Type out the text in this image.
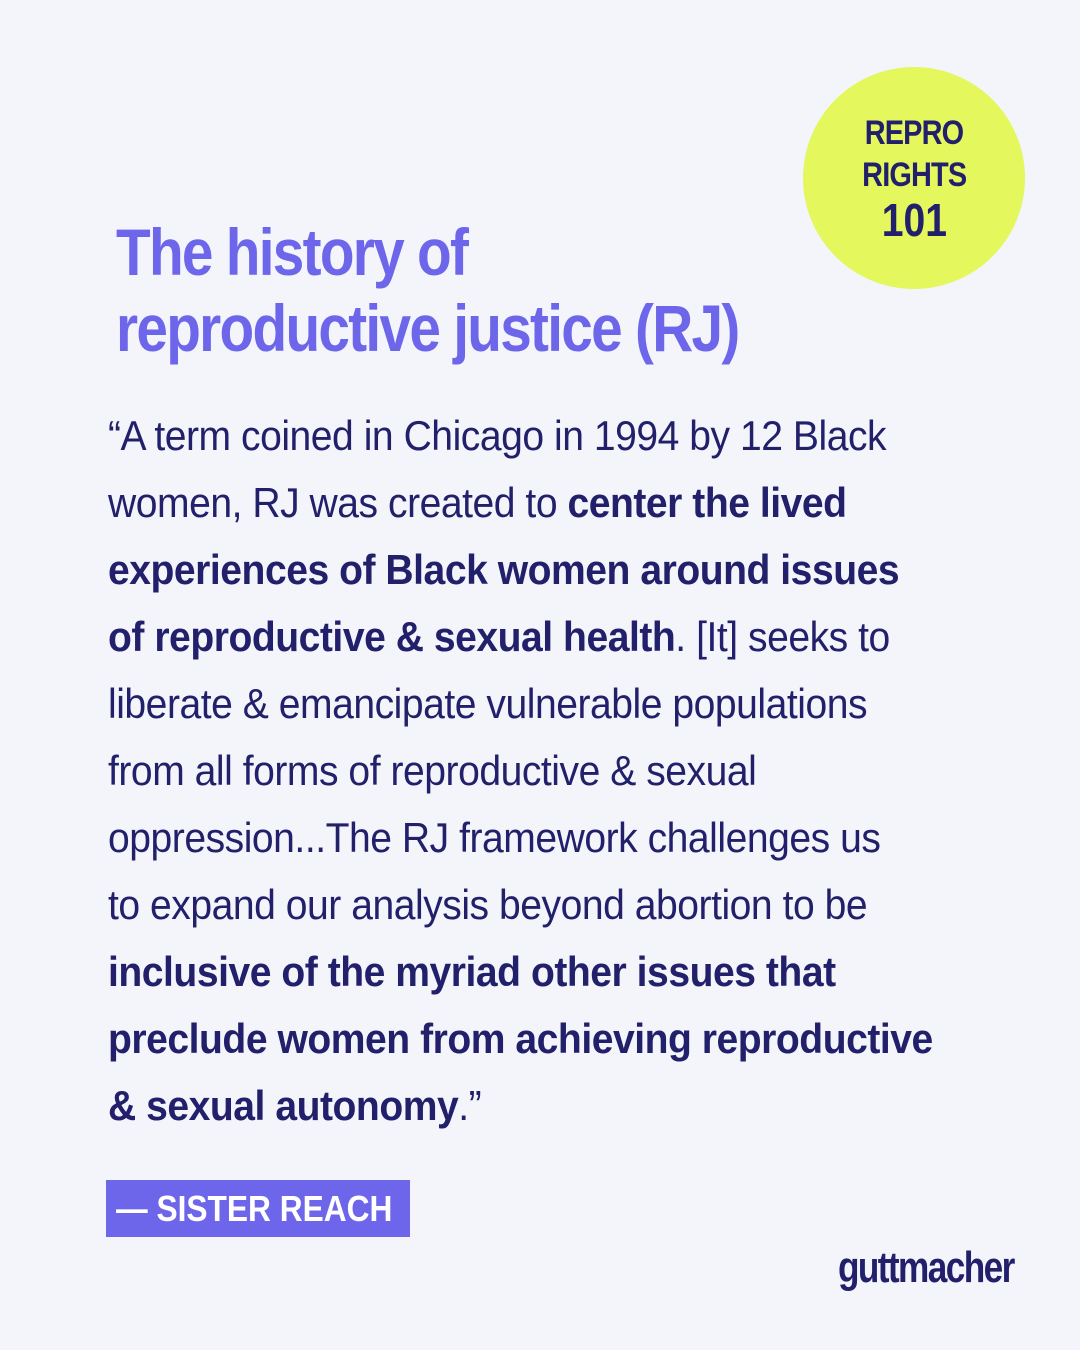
REPRO
RIGHTS
101
The history of
reproductive justice (RJ)

“A term coined in Chicago in 1994 by 12 Black
women, RJ was created to center the lived
experiences of Black women around issues
of reproductive & sexual health. [It] seeks to
liberate & emancipate vulnerable populations
from all forms of reproductive & sexual
oppression...The RJ framework challenges us
to expand our analysis beyond abortion to be
inclusive of the myriad other issues that
preclude women from achieving reproductive
& sexual autonomy.”

— SISTER REACH
guttmacher
